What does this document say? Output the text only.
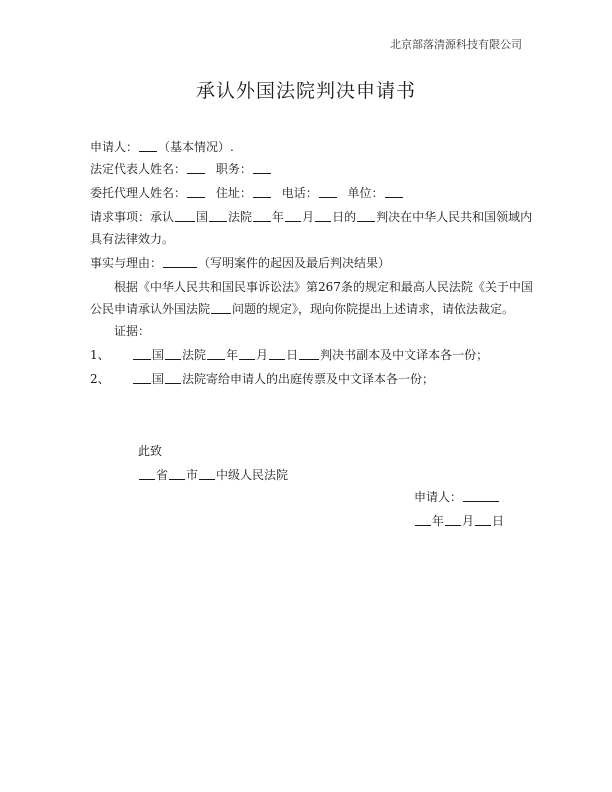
北京部落清源科技有限公司
承认外国法院判决申请书
申请人： （基本情况）.
法定代表人姓名： 职务：
委托代理人姓名： 住址： 电话： 单位：
请求事项：承认 国 法院 年 月 日的 判决在中华人民共和国领域内
具有法律效力。
事实与理由：	（写明案件的起因及最后判决结果）
根据《中华人民共和国民事诉讼法》第267条的规定和最高人民法院《关于中国
公民申请承认外国法院 问题的规定》，现向你院提出上述请求，请依法裁定。
证据：
1、	国 法院 年 月 日 判决书副本及中文译本各一份；
2、	国 法院寄给申请人的出庭传票及中文译本各一份；
此致
省 市 中级人民法院
申请人：
年 月 日
